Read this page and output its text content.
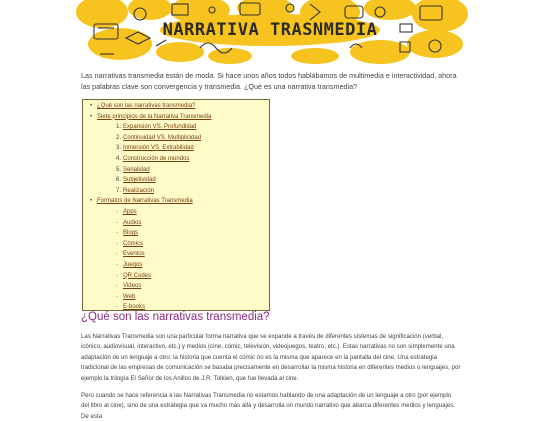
NARRATIVA TRASNMEDIA

Las narrativas transmedia están de moda. Si hace unos años todos hablábamos de multimedia e interactividad, ahora las palabras clave son convergencia y transmedia. ¿Qué es una narrativa transmedia?

• ¿Qué son las narrativas transmedia?
• Siete principios de la Narrativa Transmedia
Expansión VS. Profundidad
Continuidad VS. Multiplicidad
Inmersión VS. Extrabilidad
Construcción de mundos
Serialidad
Subjetividad
Realización
• Formatos de Narrativas Transmedia
◦ Apps
◦ Audios
◦ Blogs
◦ Cómics
◦ Eventos
◦ Juegos
◦ QR Codes
◦ Videos
◦ Web
◦ E-books
¿Qué son las narrativas transmedia?

Las Narrativas Transmedia son una particular forma narrativa que se expande a través de diferentes sistemas de significación (verbal, icónico, audiovisual, interactivo, etc.) y medios (cine, cómic, televisión, videojuegos, teatro, etc.). Estas narrativas no son simplemente una adaptación de un lenguaje a otro: la historia que cuenta el cómic no es la misma que aparece en la pantalla del cine. Una estrategia tradicional de las empresas de comunicación se basaba precisamente en desarrollar la misma historia en diferentes medios o lenguajes, por ejemplo la trilogía El Señor de los Anillos de J.R. Tolkien, que fue llevada al cine.

Pero cuando se hace referencia a las Narrativas Transmedia no estamos hablando de una adaptación de un lenguaje a otro (por ejemplo del libro al cine), sino de una estrategia que va mucho más allá y desarrolla un mundo narrativo que abarca diferentes medios y lenguajes. De esta
